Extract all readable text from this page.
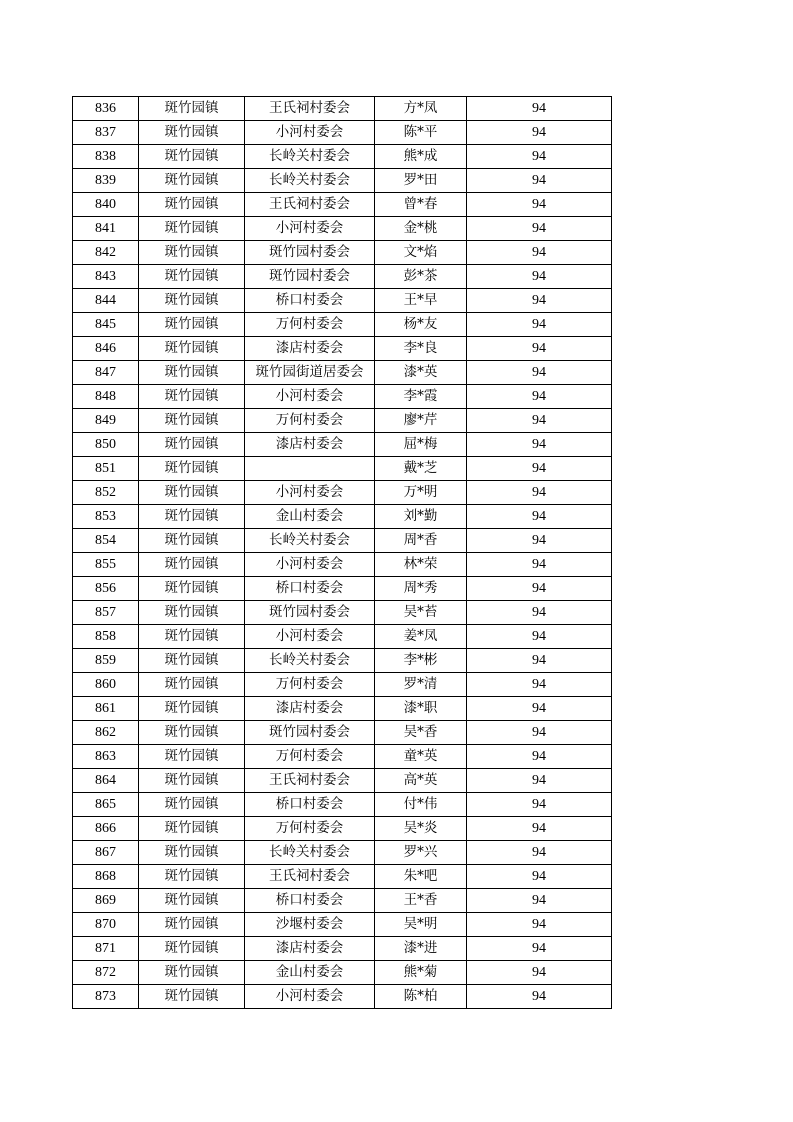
836	斑竹园镇	王氏祠村委会	方*凤	94
837	斑竹园镇	小河村委会	陈*平	94
838	斑竹园镇	长岭关村委会	熊*成	94
839	斑竹园镇	长岭关村委会	罗*田	94
840	斑竹园镇	王氏祠村委会	曾*春	94
841	斑竹园镇	小河村委会	金*桃	94
842	斑竹园镇	斑竹园村委会	文*焰	94
843	斑竹园镇	斑竹园村委会	彭*茶	94
844	斑竹园镇	桥口村委会	王*早	94
845	斑竹园镇	万何村委会	杨*友	94
846	斑竹园镇	漆店村委会	李*良	94
847	斑竹园镇	斑竹园街道居委会	漆*英	94
848	斑竹园镇	小河村委会	李*霞	94
849	斑竹园镇	万何村委会	廖*芹	94
850	斑竹园镇	漆店村委会	屈*梅	94
851	斑竹园镇		戴*芝	94
852	斑竹园镇	小河村委会	万*明	94
853	斑竹园镇	金山村委会	刘*勤	94
854	斑竹园镇	长岭关村委会	周*香	94
855	斑竹园镇	小河村委会	林*荣	94
856	斑竹园镇	桥口村委会	周*秀	94
857	斑竹园镇	斑竹园村委会	吴*苔	94
858	斑竹园镇	小河村委会	姜*凤	94
859	斑竹园镇	长岭关村委会	李*彬	94
860	斑竹园镇	万何村委会	罗*清	94
861	斑竹园镇	漆店村委会	漆*职	94
862	斑竹园镇	斑竹园村委会	吴*香	94
863	斑竹园镇	万何村委会	童*英	94
864	斑竹园镇	王氏祠村委会	高*英	94
865	斑竹园镇	桥口村委会	付*伟	94
866	斑竹园镇	万何村委会	吴*炎	94
867	斑竹园镇	长岭关村委会	罗*兴	94
868	斑竹园镇	王氏祠村委会	朱*吧	94
869	斑竹园镇	桥口村委会	王*香	94
870	斑竹园镇	沙堰村委会	吴*明	94
871	斑竹园镇	漆店村委会	漆*进	94
872	斑竹园镇	金山村委会	熊*菊	94
873	斑竹园镇	小河村委会	陈*柏	94
